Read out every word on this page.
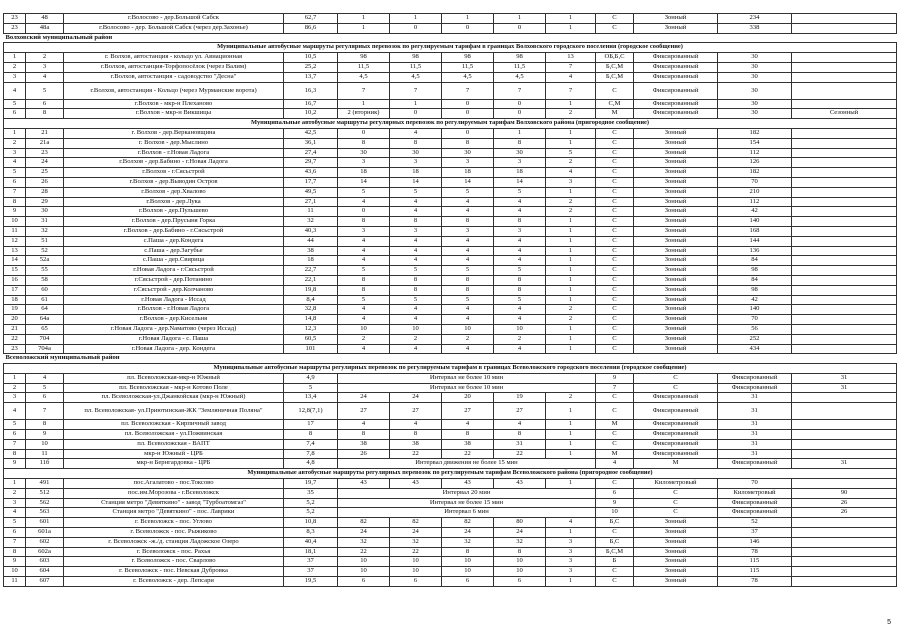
23	48	г.Волосово - дер.Большой Сабск	62,7	1	1	1	1	1	С	Зонный	234		
23	48а	г.Волосово - дер. Большой Сабск (через дер.Захонье)	86,6	1	0	0	0	1	С	Зонный	338		
Волховский муниципальный район													
Муниципальные автобусные маршруты регулярных перевозок по регулируемым тарифам в границах Волховского городского поселения (городское сообщение)													
1	2	г. Волхов, автостанция - кольцо ул. Авиационная	10,5	98	98	98	98	13	ОБ,Б,С	Фиксированный	30		
2	3	г.Волхов, автостанция-Торфопосёлок (через Валим)	25,2	11,5	11,5	11,5	11,5	7	Б,С,М	Фиксированный	30		
3	4	г.Волхов, автостанция - садоводство "Десна"	13,7	4,5	4,5	4,5	4,5	4	Б,С,М	Фиксированный	30		
4	5	г.Волхов, автостанция - Кольцо (через Мурманские ворота)	16,3	7	7	7	7	7	С	Фиксированный	30		
5	6	г.Волхов - мкр-н Плеханово	16,7	1	1	0	0	1	С,М	Фиксированный	30		
6	8	г.Волхов - мкр-н Викшицы	10,2	2 (вторник)	0	0	0	2	М	Фиксированный	30	Сезонный	
Муниципальные автобусные маршруты регулярных перевозок по регулируемым тарифам Волховского района (пригородное сообщение)													
1	21	г. Волхов - дер.Веркановщина	42,5	0	4	0	1	1	С	Зонный	182		
2	21а	г. Волхов - дер.Мыслино	36,1	8	8	8	8	1	С	Зонный	154		
3	23	г.Волхов - г.Новая Ладога	27,4	30	30	30	30	5	С	Зонный	112		
4	24	г.Волхов - дер.Бабино - г.Новая Ладога	29,7	3	3	3	3	2	С	Зонный	126		
5	25	г.Волхов - г.Сясьстрой	43,6	18	18	18	18	4	С	Зонный	182		
6	26	г.Волхов - дер.Выводин Остров	17,7	14	14	14	14	3	С	Зонный	70		
7	28	г.Волхов - дер.Хвалово	49,5	5	5	5	5	1	С	Зонный	210		
8	29	г.Волхов - дер.Лука	27,1	4	4	4	4	2	С	Зонный	112		
9	30	г.Волхов - дер.Пульшево	11	0	4	4	4	2	С	Зонный	42		
10	31	г.Волхов - дер.Прусыня Горка	32	8	8	8	8	1	С	Зонный	140		
11	32	г.Волхов - дер.Бабино - г.Сясьстрой	40,3	3	3	3	3	1	С	Зонный	168		
12	51	с.Паша - дер.Кондега	44	4	4	4	4	1	С	Зонный	144		
13	52	с.Паша - дер.Загубье	38	4	4	4	4	1	С	Зонный	136		
14	52а	с.Паша - дер.Свирица	18	4	4	4	4	1	С	Зонный	84		
15	55	г.Новая Ладога - г.Сясьстрой	22,7	5	5	5	5	1	С	Зонный	98		
16	58	г.Сясьстрой - дер.Потанино	22,1	8	8	8	8	1	С	Зонный	84		
17	60	г.Сясьстрой - дер.Колчаново	19,8	8	8	8	8	1	С	Зонный	98		
18	61	г.Новая Ладога - Иссад	8,4	5	5	5	5	1	С	Зонный	42		
19	64	г.Волхов - г.Новая Ладога	32,8	4	4	4	4	2	С	Зонный	140		
20	64а	г.Волхов - дер.Кисельня	14,8	4	4	4	4	2	С	Зонный	70		
21	65	г.Новая Ладога - дер.Naматово (через Иссад)	12,3	10	10	10	10	1	С	Зонный	56		
22	704	г.Новая Ладога - с. Паша	60,5	2	2	2	2	1	С	Зонный	252		
23	704а	г.Новая Ладога - дер. Кондега	101	4	4	4	4	1	С	Зонный	434		
Всеволожский муниципальный район													
Муниципальные автобусные маршруты регулярных перевозок по регулируемым тарифам в границах Всеволожского городского поселения (городское сообщение)													
1	4	пл. Всеволожская-мкр-н Южный	4,9	Интервал не более 10 мин					9	С	Фиксированный	31	
2	5	пл. Всеволожская - мкр-н Котово Поле	5	Интервал не более 10 мин					7	С	Фиксированный	31	
3	6	пл. Всеволожская-ул.Джанкойская (мкр-н Южный)	13,4	24	24	20	19	2	С	Фиксированный	31		
4	7	пл. Всеволожская- ул.Приютинская-ЖК "Земляничная Поляна"	12,8(7,1)	27	27	27	27	1	С	Фиксированный	31		
5	8	пл. Всеволожская - Кирпичный завод	17	4	4	4	4	1	М	Фиксированный	31		
6	9	пл. Всеволожская - ул.Пожвинская	8	8	8	8	8	1	С	Фиксированный	31		
7	10	пл. Всеволожская - ВАПТ	7,4	38	38	38	31	1	С	Фиксированный	31		
8	11	мкр-н Южный - ЦРБ	7,8	26	22	22	22	1	М	Фиксированный	31		
9	11б	мкр-н Бернгардовка - ЦРБ	4,8	Интервал движения не более 15 мин					4	М	Фиксированный	31	
Муниципальные автобусные маршруты регулярных перевозок по регулируемым тарифам Всеволожского района (пригородное сообщение)													
1	491	пос.Агалатово - пос.Токсово	19,7	43	43	43	43	1	С	Километровый	70		
2	512	пос.им.Морозова - г.Всеволожск	35	Интервал 20 мин					6	С	Километровый	90	
3	562	Станция метро "Девяткино" - завод "Турбоатомгаз"	5,2	Интервал не более 15 мин					9	С	Фиксированный	26	
4	563	Станция метро "Девяткино" - пос. Лаврики	5,2	Интервал 6 мин					10	С	Фиксированный	26	
5	601	г. Всеволожск - пос. Углово	10,8	82	82	82	80	4	Б,С	Зонный	52		
6	601а	г. Всеволожск - пос. Рыжиково	8,3	24	24	24	24	1	С	Зонный	37		
7	602	г. Всеволожск -ж./д. станция Ладожское Озеро	40,4	32	32	32	32	3	Б,С	Зонный	146		
8	602а	г. Всеволожск - пос. Рахья	18,1	22	22	8	8	3	Б,С,М	Зонный	78		
9	603	г. Всеволожск - пос. Сварлово	37	10	10	10	10	3	Б	Зонный	115		
10	604	г. Всеволожск - пос. Невская Дубровка	37	10	10	10	10	3	С	Зонный	115		
11	607	г. Всеволожск - дер. Лепсари	19,5	6	6	6	6	1	С	Зонный	78		
5
